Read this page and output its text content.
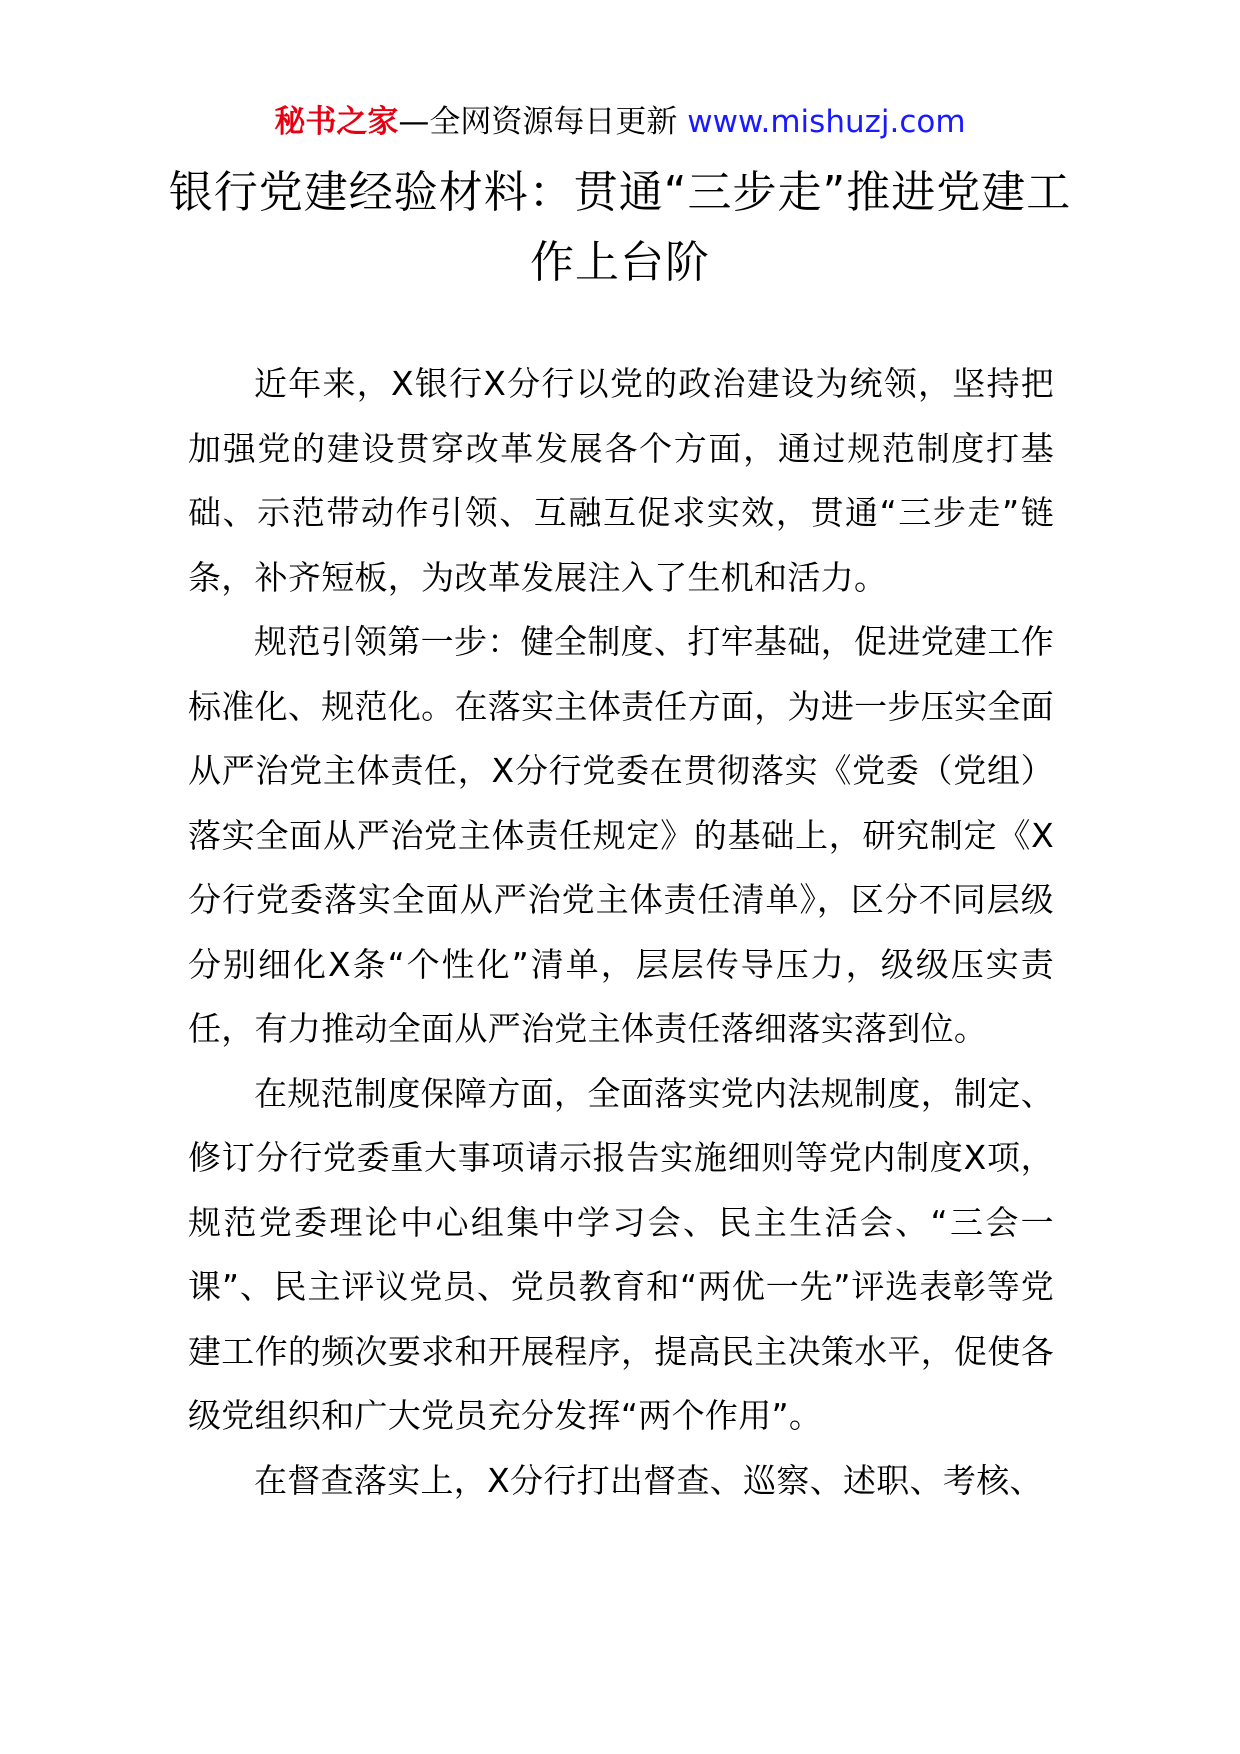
秘书之家—全网资源每日更新 www.mishuzj.com
银行党建经验材料：贯通“三步走”推进党建工作上台阶

近年来，X银行X分行以党的政治建设为统领，坚持把加强党的建设贯穿改革发展各个方面，通过规范制度打基础、示范带动作引领、互融互促求实效，贯通“三步走”链条，补齐短板，为改革发展注入了生机和活力。

规范引领第一步：健全制度、打牢基础，促进党建工作标准化、规范化。在落实主体责任方面，为进一步压实全面从严治党主体责任，X分行党委在贯彻落实《党委（党组）落实全面从严治党主体责任规定》的基础上，研究制定《X分行党委落实全面从严治党主体责任清单》，区分不同层级分别细化X条“个性化”清单，层层传导压力，级级压实责任，有力推动全面从严治党主体责任落细落实落到位。

在规范制度保障方面，全面落实党内法规制度，制定、修订分行党委重大事项请示报告实施细则等党内制度X项，规范党委理论中心组集中学习会、民主生活会、“三会一课”、民主评议党员、党员教育和“两优一先”评选表彰等党建工作的频次要求和开展程序，提高民主决策水平，促使各级党组织和广大党员充分发挥“两个作用”。

在督查落实上，X分行打出督查、巡察、述职、考核、
